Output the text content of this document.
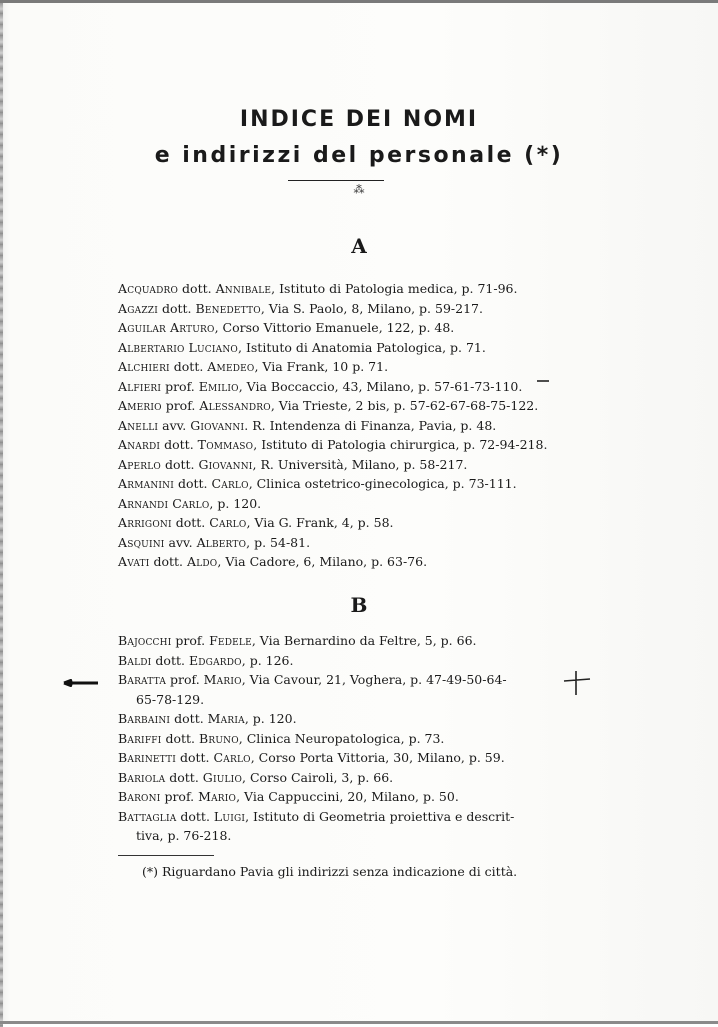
INDICE DEI NOMI
e indirizzi del personale (*)
⁂
A
Acquadro dott. Annibale, Istituto di Patologia medica, p. 71-96.
Agazzi dott. Benedetto, Via S. Paolo, 8, Milano, p. 59-217.
Aguilar Arturo, Corso Vittorio Emanuele, 122, p. 48.
Albertario Luciano, Istituto di Anatomia Patologica, p. 71.
Alchieri dott. Amedeo, Via Frank, 10 p. 71.
Alfieri prof. Emilio, Via Boccaccio, 43, Milano, p. 57-61-73-110.
Amerio prof. Alessandro, Via Trieste, 2 bis, p. 57-62-67-68-75-122.
Anelli avv. Giovanni. R. Intendenza di Finanza, Pavia, p. 48.
Anardi dott. Tommaso, Istituto di Patologia chirurgica, p. 72-94-218.
Aperlo dott. Giovanni, R. Università, Milano, p. 58-217.
Armanini dott. Carlo, Clinica ostetrico-ginecologica, p. 73-111.
Arnandi Carlo, p. 120.
Arrigoni dott. Carlo, Via G. Frank, 4, p. 58.
Asquini avv. Alberto, p. 54-81.
Avati dott. Aldo, Via Cadore, 6, Milano, p. 63-76.
B
Bajocchi prof. Fedele, Via Bernardino da Feltre, 5, p. 66.
Baldi dott. Edgardo, p. 126.
Baratta prof. Mario, Via Cavour, 21, Voghera, p. 47-49-50-64-
65-78-129.
Barbaini dott. Maria, p. 120.
Bariffi dott. Bruno, Clinica Neuropatologica, p. 73.
Barinetti dott. Carlo, Corso Porta Vittoria, 30, Milano, p. 59.
Bariola dott. Giulio, Corso Cairoli, 3, p. 66.
Baroni prof. Mario, Via Cappuccini, 20, Milano, p. 50.
Battaglia dott. Luigi, Istituto di Geometria proiettiva e descrit-
tiva, p. 76-218.
(*) Riguardano Pavia gli indirizzi senza indicazione di città.
